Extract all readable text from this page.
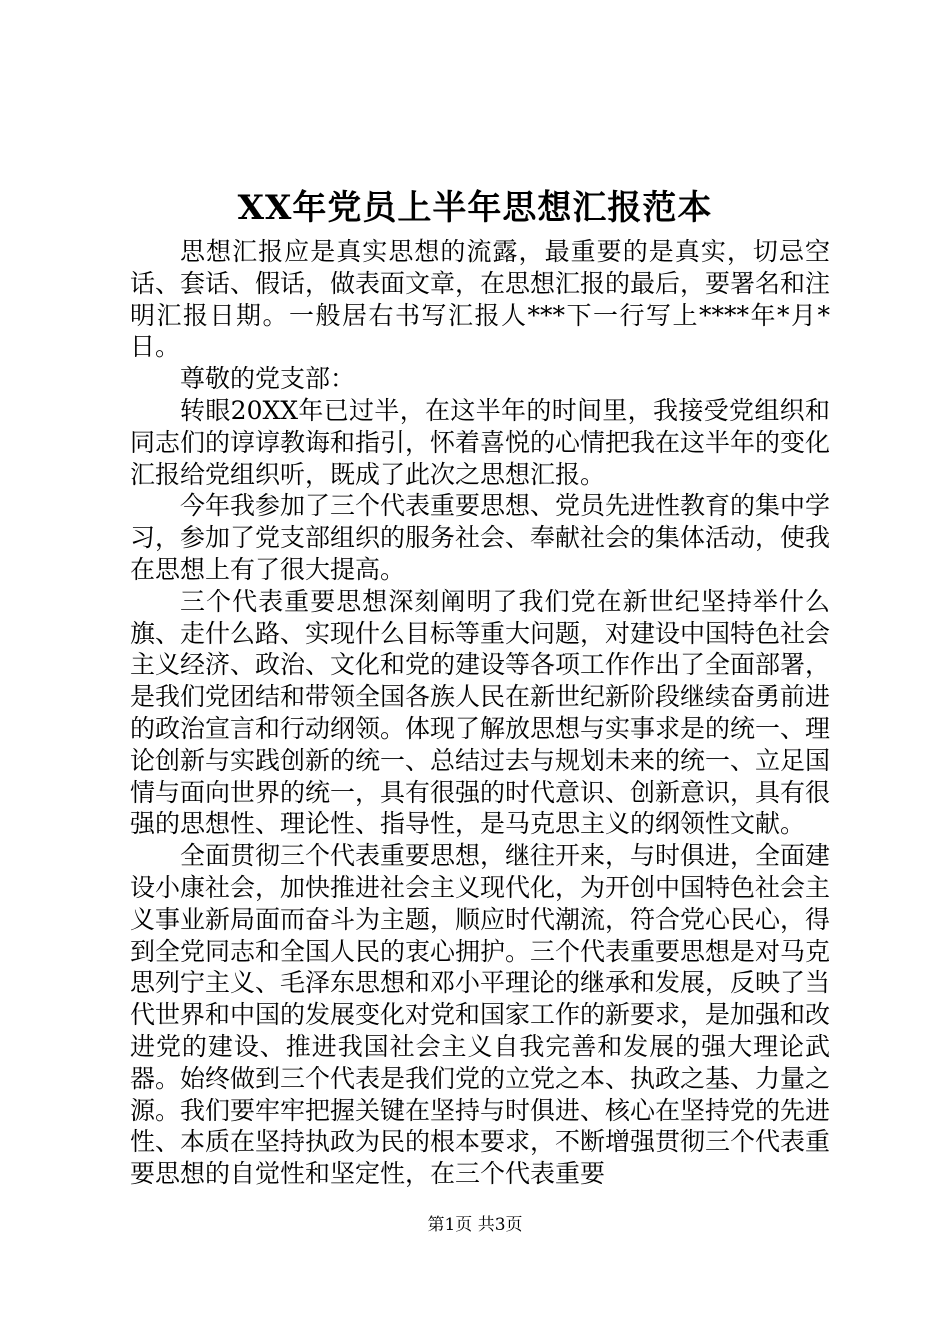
XX年党员上半年思想汇报范本

思想汇报应是真实思想的流露，最重要的是真实，切忌空话、套话、假话，做表面文章，在思想汇报的最后，要署名和注明汇报日期。一般居右书写汇报人***下一行写上****年*月*日。

尊敬的党支部：

转眼20XX年已过半，在这半年的时间里，我接受党组织和同志们的谆谆教诲和指引，怀着喜悦的心情把我在这半年的变化汇报给党组织听，既成了此次之思想汇报。

今年我参加了三个代表重要思想、党员先进性教育的集中学习，参加了党支部组织的服务社会、奉献社会的集体活动，使我在思想上有了很大提高。

三个代表重要思想深刻阐明了我们党在新世纪坚持举什么旗、走什么路、实现什么目标等重大问题，对建设中国特色社会主义经济、政治、文化和党的建设等各项工作作出了全面部署，是我们党团结和带领全国各族人民在新世纪新阶段继续奋勇前进的政治宣言和行动纲领。体现了解放思想与实事求是的统一、理论创新与实践创新的统一、总结过去与规划未来的统一、立足国情与面向世界的统一，具有很强的时代意识、创新意识，具有很强的思想性、理论性、指导性，是马克思主义的纲领性文献。

全面贯彻三个代表重要思想，继往开来，与时俱进，全面建设小康社会，加快推进社会主义现代化，为开创中国特色社会主义事业新局面而奋斗为主题，顺应时代潮流，符合党心民心，得到全党同志和全国人民的衷心拥护。三个代表重要思想是对马克思列宁主义、毛泽东思想和邓小平理论的继承和发展，反映了当代世界和中国的发展变化对党和国家工作的新要求，是加强和改进党的建设、推进我国社会主义自我完善和发展的强大理论武器。始终做到三个代表是我们党的立党之本、执政之基、力量之源。我们要牢牢把握关键在坚持与时俱进、核心在坚持党的先进性、本质在坚持执政为民的根本要求，不断增强贯彻三个代表重要思想的自觉性和坚定性，在三个代表重要

第1页 共3页
